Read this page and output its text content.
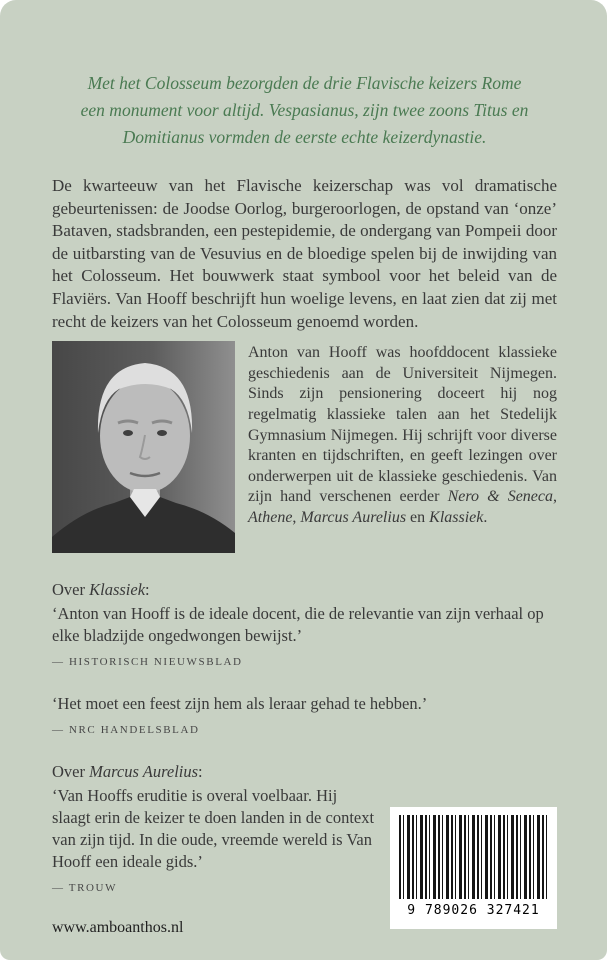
Met het Colosseum bezorgden de drie Flavische keizers Rome
een monument voor altijd. Vespasianus, zijn twee zoons Titus en
Domitianus vormden de eerste echte keizerdynastie.

De kwarteeuw van het Flavische keizerschap was vol dramatische gebeurtenissen: de Joodse Oorlog, burgeroorlogen, de opstand van ‘onze’ Bataven, stadsbranden, een pestepidemie, de ondergang van Pompeii door de uitbarsting van de Vesuvius en de bloedige spelen bij de inwijding van het Colosseum. Het bouwwerk staat symbool voor het beleid van de Flaviërs. Van Hooff beschrijft hun woelige levens, en laat zien dat zij met recht de keizers van het Colosseum genoemd worden.

Anton van Hooff was hoofddocent klassieke geschiedenis aan de Universiteit Nijmegen. Sinds zijn pensionering doceert hij nog regelmatig klassieke talen aan het Stedelijk Gymnasium Nijmegen. Hij schrijft voor diverse kranten en tijdschriften, en geeft lezingen over onderwerpen uit de klassieke geschiedenis. Van zijn hand verschenen eerder Nero & Seneca, Athene, Marcus Aurelius en Klassiek.

Over Klassiek:

‘Anton van Hooff is de ideale docent, die de relevantie van zijn verhaal op elke bladzijde ongedwongen bewijst.’

— HISTORISCH NIEUWSBLAD

‘Het moet een feest zijn hem als leraar gehad te hebben.’

— NRC HANDELSBLAD

9 789026 327421

Over Marcus Aurelius:

‘Van Hooffs eruditie is overal voelbaar. Hij slaagt erin de keizer te doen landen in de context van zijn tijd. In die oude, vreemde wereld is Van Hooff een ideale gids.’

— TROUW

www.amboanthos.nl
